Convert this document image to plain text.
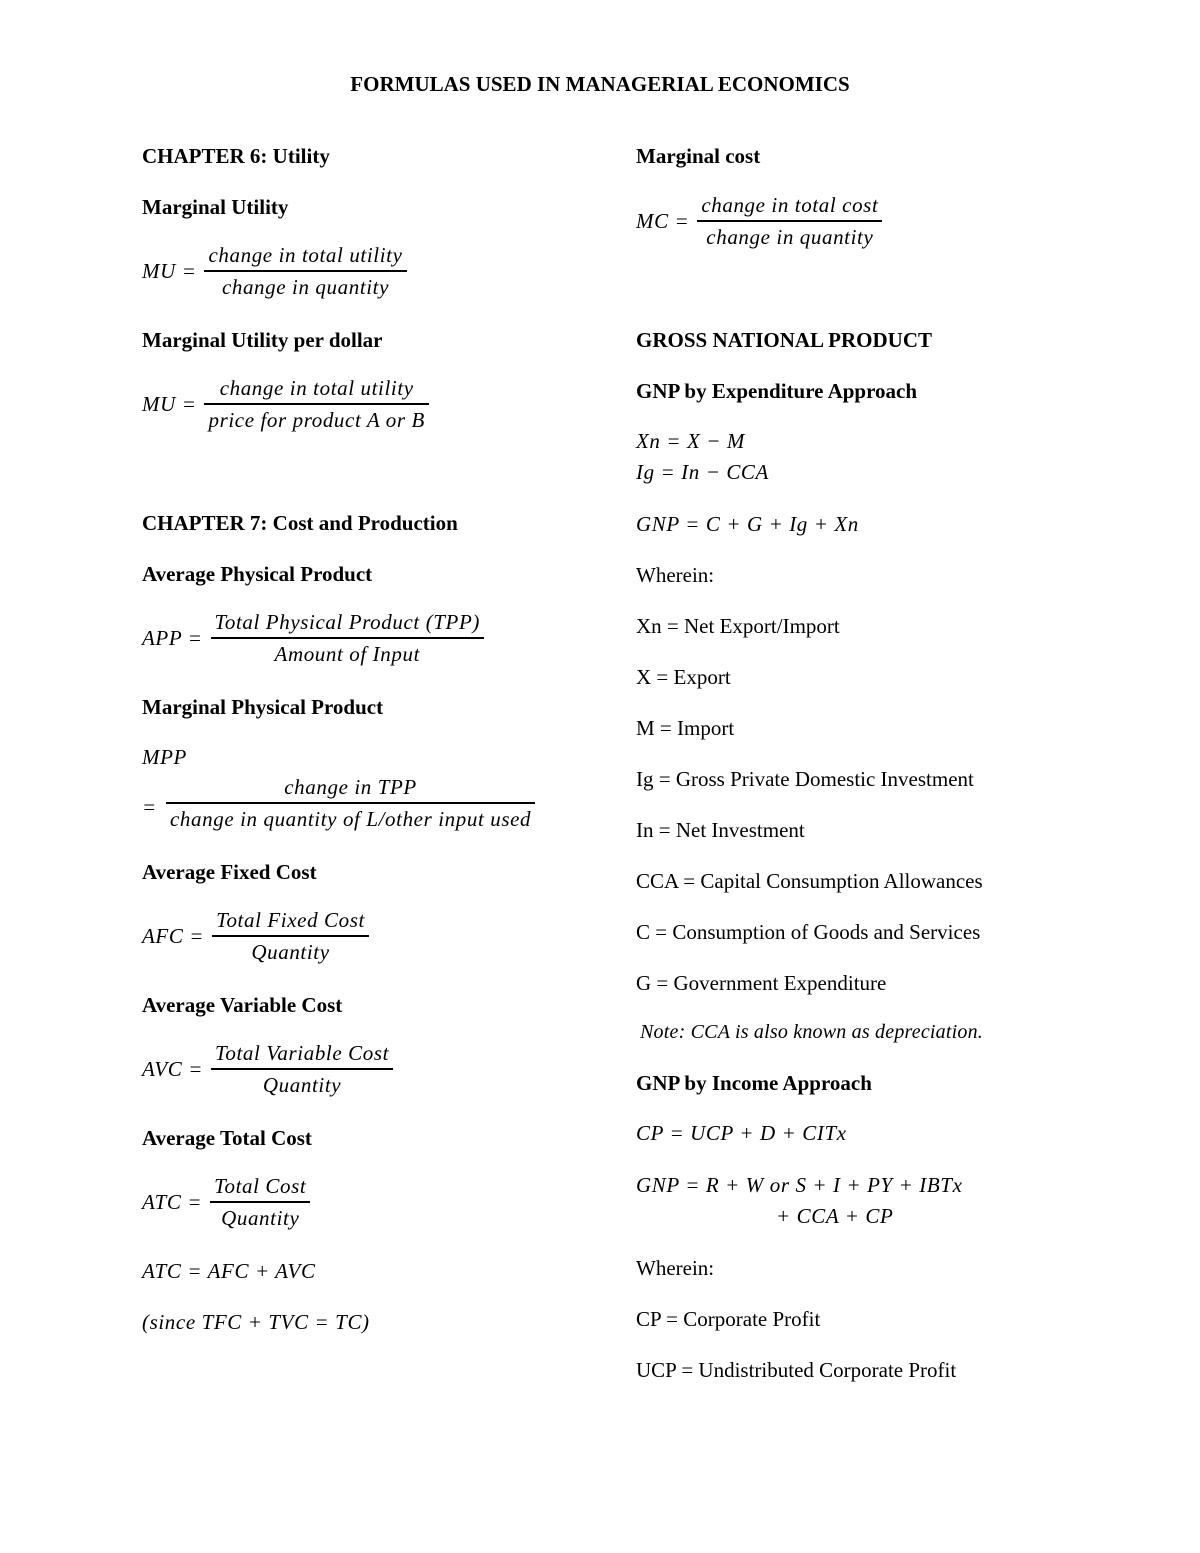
FORMULAS USED IN MANAGERIAL ECONOMICS
CHAPTER 6: Utility
Marginal Utility
MU = $\frac{\text{change in total utility}}{\text{change in quantity}}$
Marginal Utility per dollar
MU = $\frac{\text{change in total utility}}{\text{price for product A or B}}$
CHAPTER 7: Cost and Production
Average Physical Product
APP = $\frac{\text{Total Physical Product (TPP)}}{\text{Amount of Input}}$
Marginal Physical Product
MPP
= $\frac{\text{change in TPP}}{\text{change in quantity of L/other input used}}$
Average Fixed Cost
AFC = $\frac{\text{Total Fixed Cost}}{\text{Quantity}}$
Average Variable Cost
AVC = $\frac{\text{Total Variable Cost}}{\text{Quantity}}$
Average Total Cost
ATC = $\frac{\text{Total Cost}}{\text{Quantity}}$
ATC = AFC + AVC
(since TFC + TVC = TC)
Marginal cost
MC = $\frac{\text{change in total cost}}{\text{change in quantity}}$
GROSS NATIONAL PRODUCT
GNP by Expenditure Approach
Xn = X − M
Ig = In − CCA
GNP = C + G + Ig + Xn
Wherein:
Xn = Net Export/Import
X = Export
M = Import
Ig = Gross Private Domestic Investment
In = Net Investment
CCA = Capital Consumption Allowances
C = Consumption of Goods and Services
G = Government Expenditure
Note: CCA is also known as depreciation.
GNP by Income Approach
CP = UCP + D + CITx
GNP = R + W or S + I + PY + IBTx
+ CCA + CP
Wherein:
CP = Corporate Profit
UCP = Undistributed Corporate Profit
